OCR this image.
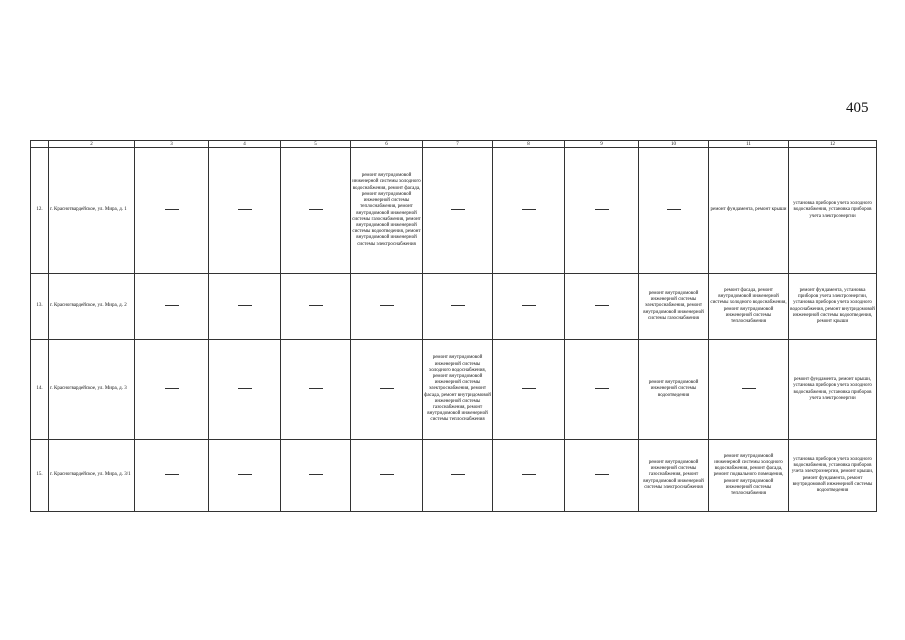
405
	2	3	4	5	6	7	8	9	10	11	12
12.	г. Краснотвардейское, ул. Мира, д. 1				ремонт внутридомовой инженерной системы холодного водоснабжения, ремонт фасада, ремонт внутридомовой инженерной системы теплоснабжения, ремонт внутридомовой инженерной системы газоснабжения, ремонт внутридомовой инженерной системы водоотведения, ремонт внутридомовой инженерной системы электроснабжения					ремонт фундамента, ремонт крыши	установка приборов учета холодного водоснабжения, установка приборов учета электроэнергии
13.	г. Красногвардейское, ул. Мира, д. 2								ремонт внутридомовой инженерной системы электроснабжения, ремонт внутридомовой инженерной системы газоснабжения	ремонт фасада, ремонт внутридомовой инженерной системы холодного водоснабжения, ремонт внутридомовой инженерной системы теплоснабжения	ремонт фундамента, установка приборов учета электроэнергии, установка приборов учета холодного водоснабжения, ремонт внутридомовой инженерной системы водоотведения, ремонт крыши
14.	г. Красногвардейское, ул. Мира, д. 3					ремонт внутридомовой инженерной системы холодного водоснабжения, ремонт внутридомовой инженерной системы электроснабжения, ремонт фасада, ремонт внутридомовой инженерной системы газоснабжения, ремонт внутридомовой инженерной системы теплоснабжения			ремонт внутридомовой инженерной системы водоотведения		ремонт фундамента, ремонт крыши, установка приборов учета холодного водоснабжения, установка приборов учета электроэнергии
15.	г. Красногвардейское, ул. Мира, д. 3/1								ремонт внутридомовой инженерной системы газоснабжения, ремонт внутридомовой инженерной системы электроснабжения	ремонт внутридомовой инженерной системы холодного водоснабжения, ремонт фасада, ремонт подвального помещения, ремонт внутридомовой инженерной системы теплоснабжения	установка приборов учета холодного водоснабжения, установка приборов учета электроэнергии, ремонт крыши, ремонт фундамента, ремонт внутридомовой инженерной системы водоотведения
